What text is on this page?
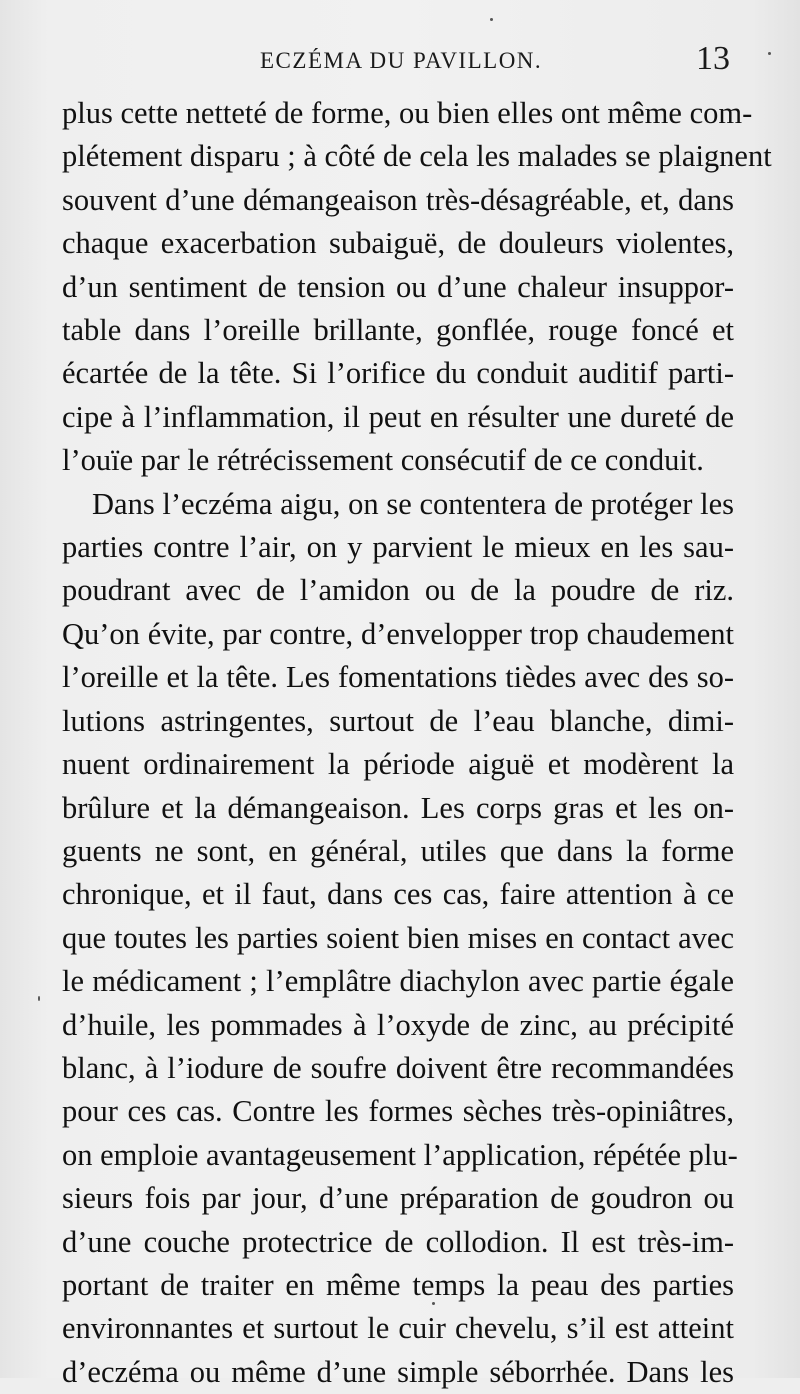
ECZÉMA DU PAVILLON.	13
plus cette netteté de forme, ou bien elles ont même com-
plétement disparu ; à côté de cela les malades se plaignent
souvent d’une démangeaison très-désagréable, et, dans
chaque exacerbation subaiguë, de douleurs violentes,
d’un sentiment de tension ou d’une chaleur insuppor-
table dans l’oreille brillante, gonflée, rouge foncé et
écartée de la tête. Si l’orifice du conduit auditif parti-
cipe à l’inflammation, il peut en résulter une dureté de
l’ouïe par le rétrécissement consécutif de ce conduit.
Dans l’eczéma aigu, on se contentera de protéger les
parties contre l’air, on y parvient le mieux en les sau-
poudrant avec de l’amidon ou de la poudre de riz.
Qu’on évite, par contre, d’envelopper trop chaudement
l’oreille et la tête. Les fomentations tièdes avec des so-
lutions astringentes, surtout de l’eau blanche, dimi-
nuent ordinairement la période aiguë et modèrent la
brûlure et la démangeaison. Les corps gras et les on-
guents ne sont, en général, utiles que dans la forme
chronique, et il faut, dans ces cas, faire attention à ce
que toutes les parties soient bien mises en contact avec
le médicament ; l’emplâtre diachylon avec partie égale
d’huile, les pommades à l’oxyde de zinc, au précipité
blanc, à l’iodure de soufre doivent être recommandées
pour ces cas. Contre les formes sèches très-opiniâtres,
on emploie avantageusement l’application, répétée plu-
sieurs fois par jour, d’une préparation de goudron ou
d’une couche protectrice de collodion. Il est très-im-
portant de traiter en même temps la peau des parties
environnantes et surtout le cuir chevelu, s’il est atteint
d’eczéma ou même d’une simple séborrhée. Dans les
